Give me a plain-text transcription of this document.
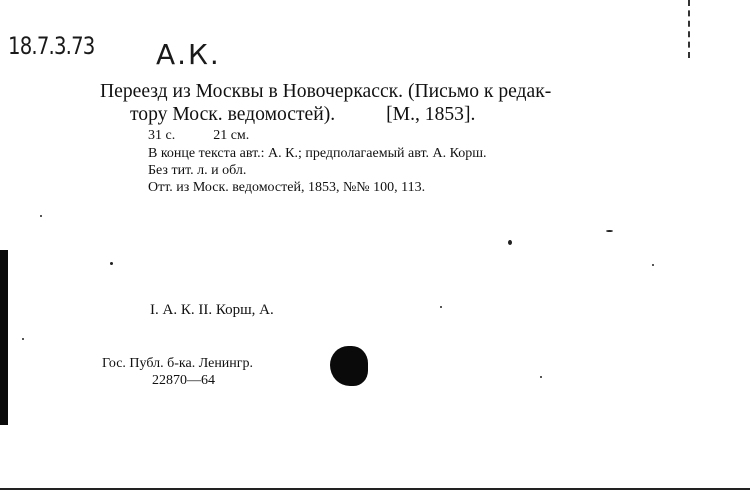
18.7.3.73 А.К.
Переезд из Москвы в Новочеркасск. (Письмо к редак-
тору Моск. ведомостей).	[М., 1853].
31 с.	21 см.
В конце текста авт.: А. К.; предполагаемый авт. А. Корш.
Без тит. л. и обл.
Отт. из Моск. ведомостей, 1853, №№ 100, 113.
I. А. К. II. Корш, А.
Гос. Публ. б-ка. Ленингр.
22870—64
